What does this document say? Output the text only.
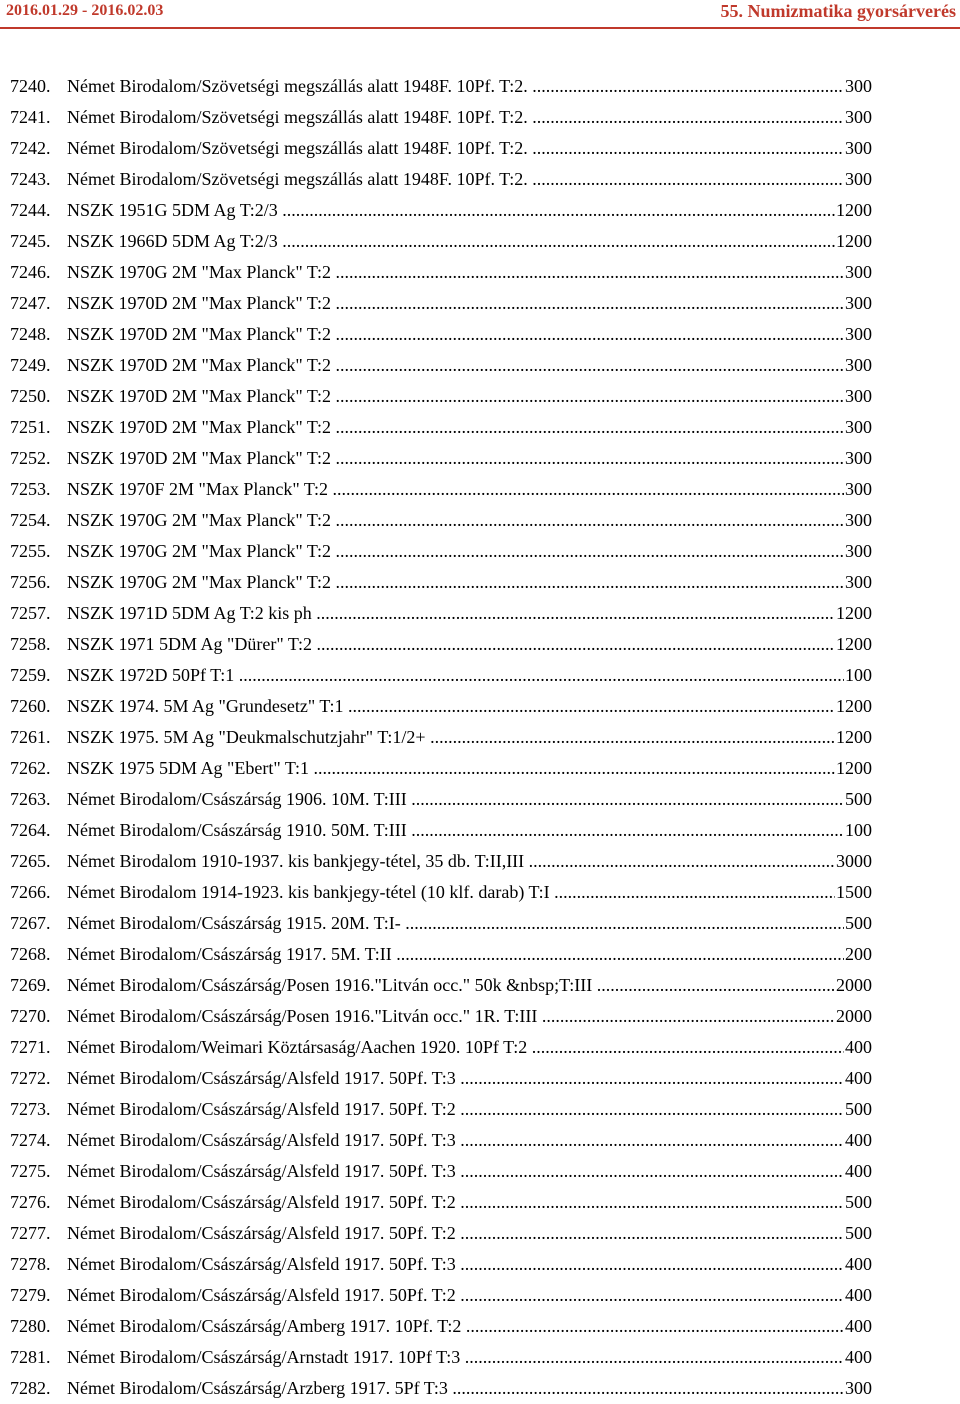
2016.01.29 - 2016.02.03	55. Numizmatika gyorsárverés
7240. Német Birodalom/Szövetségi megszállás alatt 1948F. 10Pf. T:2. .....	300
7241. Német Birodalom/Szövetségi megszállás alatt 1948F. 10Pf. T:2. .....	300
7242. Német Birodalom/Szövetségi megszállás alatt 1948F. 10Pf. T:2. .....	300
7243. Német Birodalom/Szövetségi megszállás alatt 1948F. 10Pf. T:2. .....	300
7244. NSZK 1951G 5DM Ag T:2/3 .....	1200
7245. NSZK 1966D 5DM Ag T:2/3 .....	1200
7246. NSZK 1970G 2M "Max Planck" T:2 .....	300
7247. NSZK 1970D 2M "Max Planck" T:2 .....	300
7248. NSZK 1970D 2M "Max Planck" T:2 .....	300
7249. NSZK 1970D 2M "Max Planck" T:2 .....	300
7250. NSZK 1970D 2M "Max Planck" T:2 .....	300
7251. NSZK 1970D 2M "Max Planck" T:2 .....	300
7252. NSZK 1970D 2M "Max Planck" T:2 .....	300
7253. NSZK 1970F 2M "Max Planck" T:2 .....	300
7254. NSZK 1970G 2M "Max Planck" T:2 .....	300
7255. NSZK 1970G 2M "Max Planck" T:2 .....	300
7256. NSZK 1970G 2M "Max Planck" T:2 .....	300
7257. NSZK 1971D 5DM Ag T:2 kis ph .....	1200
7258. NSZK 1971 5DM Ag "Dürer" T:2 .....	1200
7259. NSZK 1972D 50Pf T:1 .....	100
7260. NSZK 1974. 5M Ag "Grundesetz" T:1 .....	1200
7261. NSZK 1975. 5M Ag "Deukmalschutzjahr" T:1/2+ .....	1200
7262. NSZK 1975 5DM Ag "Ebert" T:1 .....	1200
7263. Német Birodalom/Császárság 1906. 10M. T:III .....	500
7264. Német Birodalom/Császárság 1910. 50M. T:III .....	100
7265. Német Birodalom 1910-1937. kis bankjegy-tétel, 35 db. T:II,III .....	3000
7266. Német Birodalom 1914-1923. kis bankjegy-tétel (10 klf. darab) T:I .....	1500
7267. Német Birodalom/Császárság 1915. 20M. T:I- .....	500
7268. Német Birodalom/Császárság 1917. 5M. T:II .....	200
7269. Német Birodalom/Császárság/Posen 1916."Litván occ." 50k &nbsp;T:III .....	2000
7270. Német Birodalom/Császárság/Posen 1916."Litván occ." 1R. T:III .....	2000
7271. Német Birodalom/Weimari Köztársaság/Aachen 1920. 10Pf T:2 .....	400
7272. Német Birodalom/Császárság/Alsfeld 1917. 50Pf. T:3 .....	400
7273. Német Birodalom/Császárság/Alsfeld 1917. 50Pf. T:2 .....	500
7274. Német Birodalom/Császárság/Alsfeld 1917. 50Pf. T:3 .....	400
7275. Német Birodalom/Császárság/Alsfeld 1917. 50Pf. T:3 .....	400
7276. Német Birodalom/Császárság/Alsfeld 1917. 50Pf. T:2 .....	500
7277. Német Birodalom/Császárság/Alsfeld 1917. 50Pf. T:2 .....	500
7278. Német Birodalom/Császárság/Alsfeld 1917. 50Pf. T:3 .....	400
7279. Német Birodalom/Császárság/Alsfeld 1917. 50Pf. T:2 .....	400
7280. Német Birodalom/Császárság/Amberg 1917. 10Pf. T:2 .....	400
7281. Német Birodalom/Császárság/Arnstadt 1917. 10Pf T:3 .....	400
7282. Német Birodalom/Császárság/Arzberg 1917. 5Pf T:3 .....	300
